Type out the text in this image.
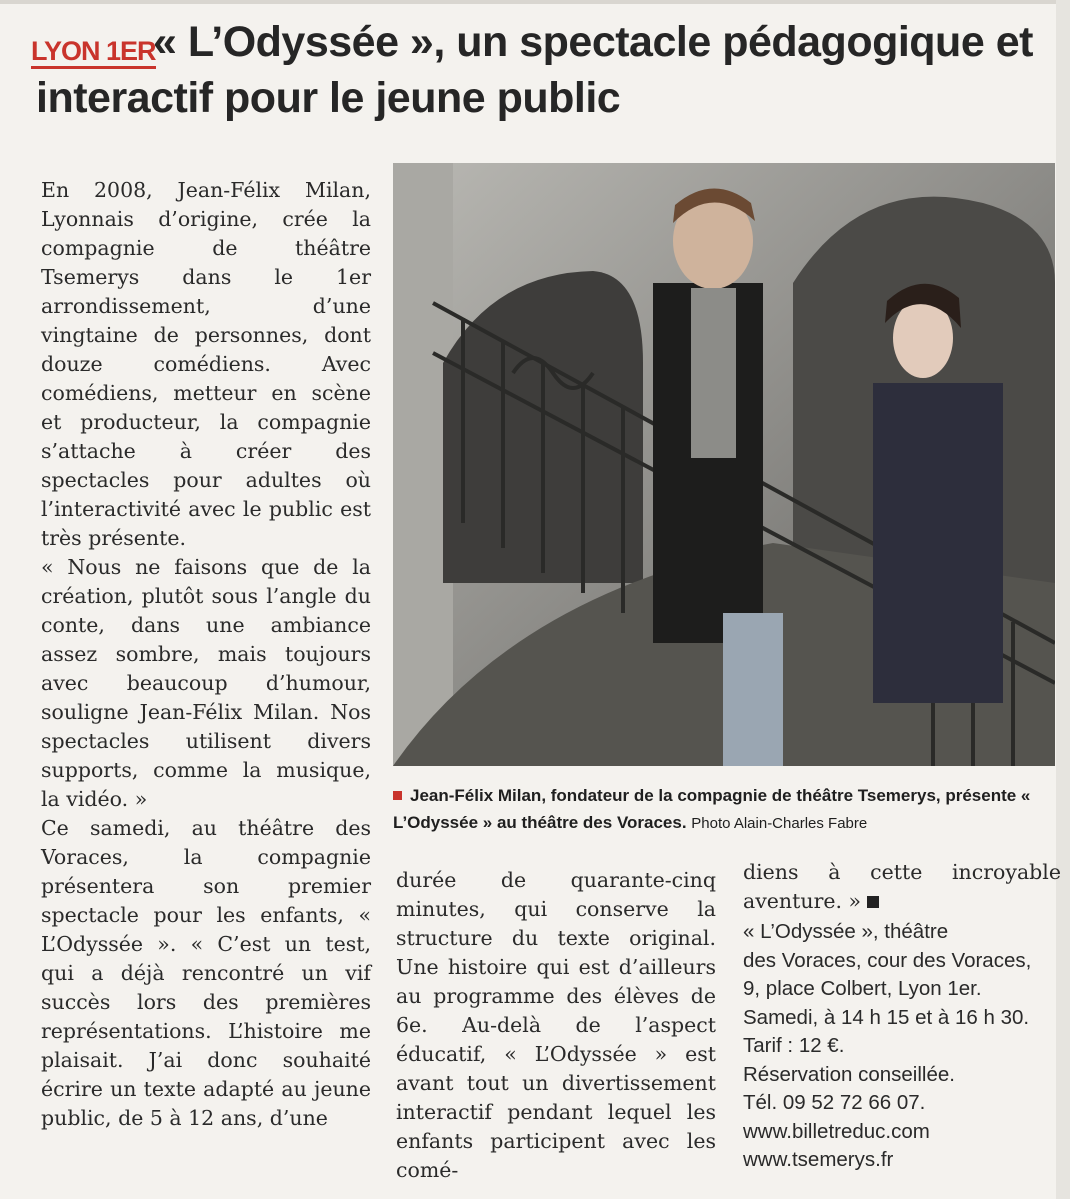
« L’Odyssée », un spectacle pédagogique et interactif pour le jeune public
LYON 1ER

En 2008, Jean-Félix Milan, Lyonnais d’origine, crée la compagnie de théâtre Tsemerys dans le 1er arrondissement, d’une vingtaine de personnes, dont douze comédiens. Avec comédiens, metteur en scène et producteur, la compagnie s’attache à créer des spectacles pour adultes où l’interactivité avec le public est très présente.

« Nous ne faisons que de la création, plutôt sous l’angle du conte, dans une ambiance assez sombre, mais toujours avec beaucoup d’humour, souligne Jean-Félix Milan. Nos spectacles utilisent divers supports, comme la musique, la vidéo. »

Ce samedi, au théâtre des Voraces, la compagnie présentera son premier spectacle pour les enfants, « L’Odyssée ». « C’est un test, qui a déjà rencontré un vif succès lors des premières représentations. L’histoire me plaisait. J’ai donc souhaité écrire un texte adapté au jeune public, de 5 à 12 ans, d’une

Jean-Félix Milan, fondateur de la compagnie de théâtre Tsemerys, présente « L’Odyssée » au théâtre des Voraces. Photo Alain-Charles Fabre

durée de quarante-cinq minutes, qui conserve la structure du texte original. Une histoire qui est d’ailleurs au programme des élèves de 6e. Au-delà de l’aspect éducatif, « L’Odyssée » est avant tout un divertissement interactif pendant lequel les enfants participent avec les comé-

diens à cette incroyable aventure. »

« L’Odyssée », théâtre
des Voraces, cour des Voraces,
9, place Colbert, Lyon 1er.
Samedi, à 14 h 15 et à 16 h 30.
Tarif : 12 €.
Réservation conseillée.
Tél. 09 52 72 66 07.
www.billetreduc.com
www.tsemerys.fr
